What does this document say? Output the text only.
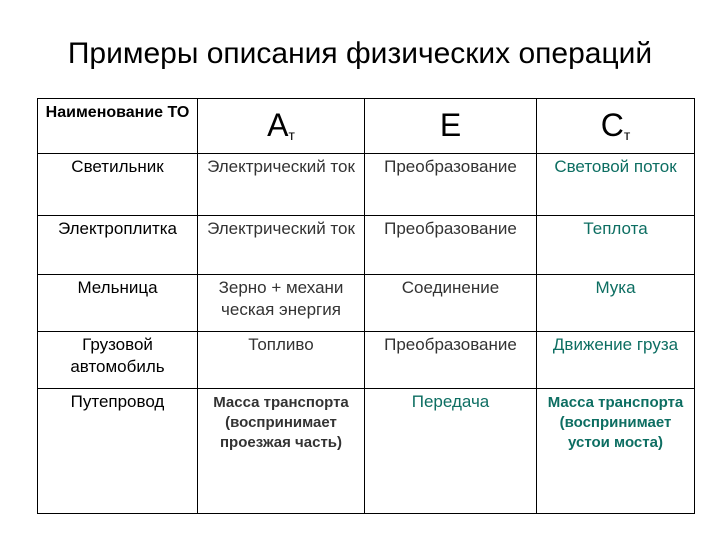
Примеры описания физических операций
Наименование ТО	Ат	Е	Ст
Светильник	Электрический ток	Преобразование	Световой поток
Электроплитка	Электрический ток	Преобразование	Теплота
Мельница	Зерно + механи ческая энергия	Соединение	Мука
Грузовой автомобиль	Топливо	Преобразование	Движение груза
Путепровод	Масса транспорта (воспринимает проезжая часть)	Передача	Масса транспорта (воспринимает устои моста)
